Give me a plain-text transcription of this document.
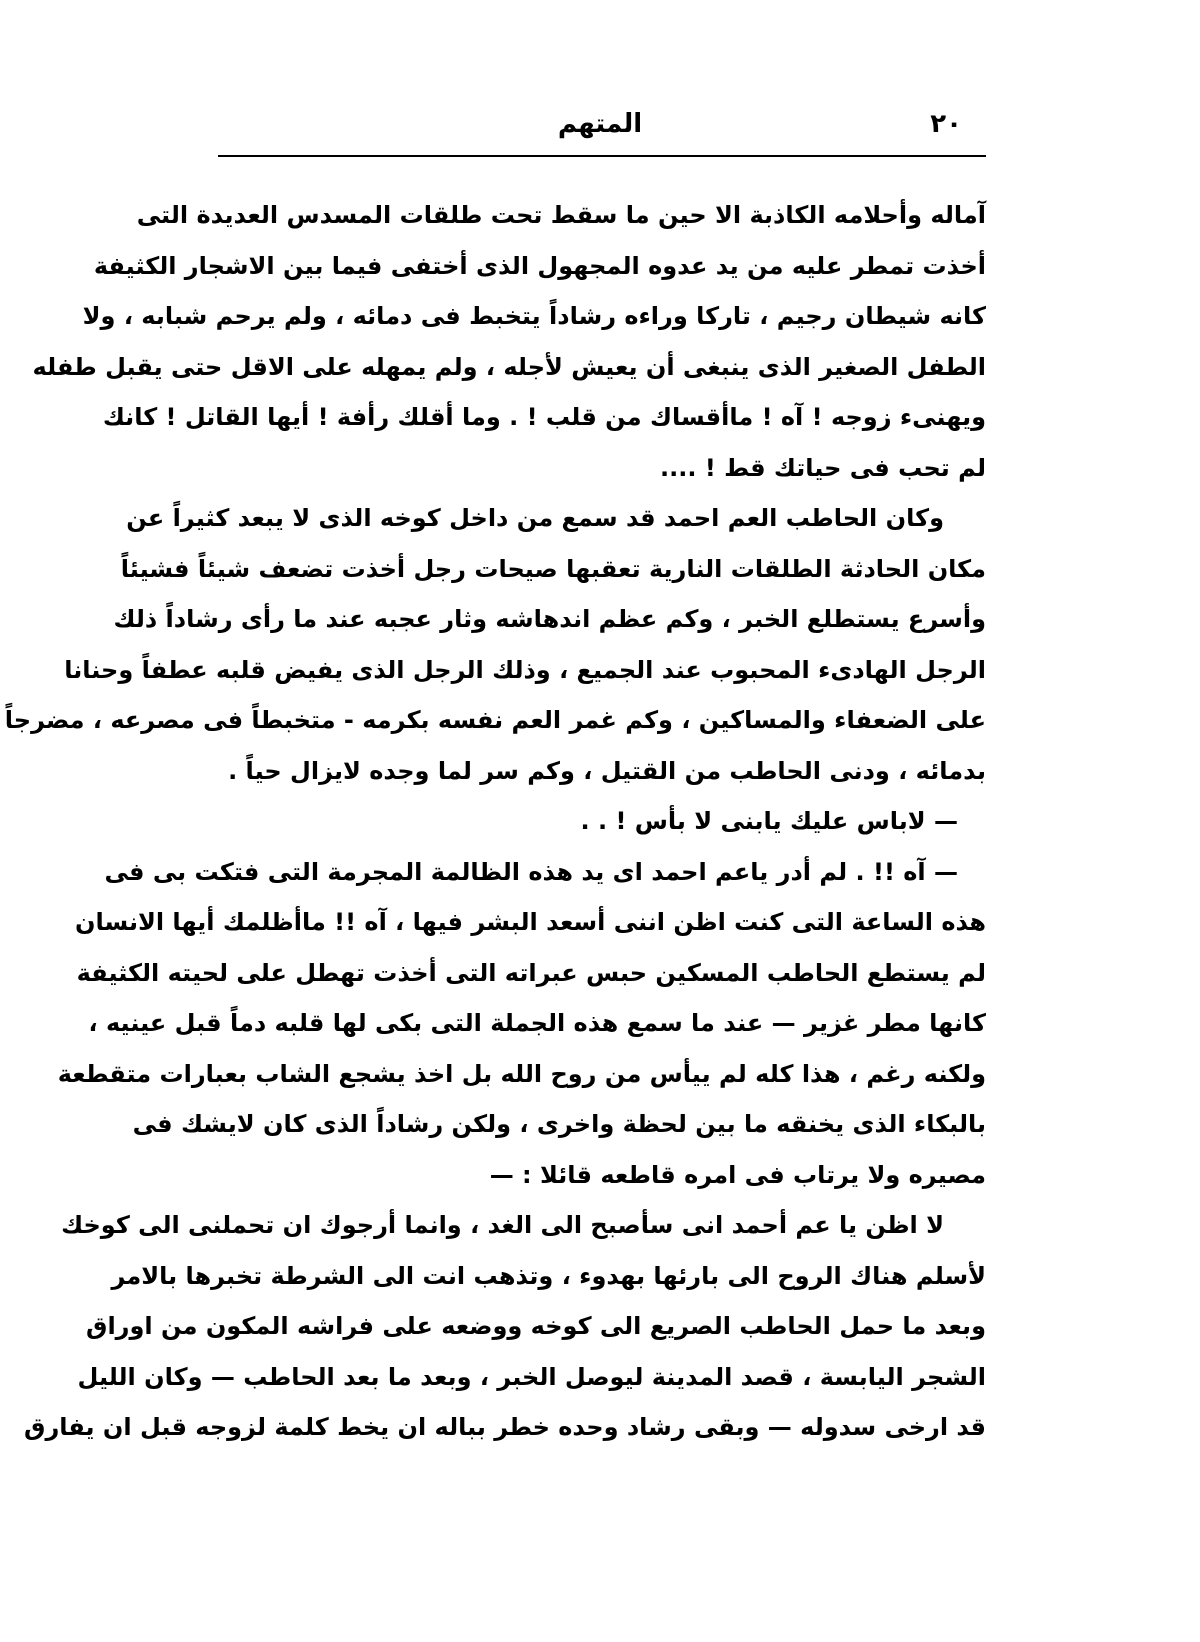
٢٠
المتهم
آماله وأحلامه الكاذبة الا حين ما سقط تحت طلقات المسدس العديدة التى
أخذت تمطر عليه من يد عدوه المجهول الذى أختفى فيما بين الاشجار الكثيفة
كانه شيطان رجيم ، تاركا وراءه رشاداً يتخبط فى دمائه ، ولم يرحم شبابه ، ولا
الطفل الصغير الذى ينبغى أن يعيش لأجله ، ولم يمهله على الاقل حتى يقبل طفله
ويهنىء زوجه ! آه ! ماأقساك من قلب ! . وما أقلك رأفة ! أيها القاتل ! كانك
لم تحب فى حياتك قط ! ....
وكان الحاطب العم احمد قد سمع من داخل كوخه الذى لا يبعد كثيراً عن
مكان الحادثة الطلقات النارية تعقبها صيحات رجل أخذت تضعف شيئاً فشيئاً
وأسرع يستطلع الخبر ، وكم عظم اندهاشه وثار عجبه عند ما رأى رشاداً ذلك
الرجل الهادىء المحبوب عند الجميع ، وذلك الرجل الذى يفيض قلبه عطفاً وحنانا
على الضعفاء والمساكين ، وكم غمر العم نفسه بكرمه - متخبطاً فى مصرعه ، مضرجاً
بدمائه ، ودنى الحاطب من القتيل ، وكم سر لما وجده لايزال حياً .
— لاباس عليك يابنى لا بأس ! . .
— آه !! . لم أدر ياعم احمد اى يد هذه الظالمة المجرمة التى فتكت بى فى
هذه الساعة التى كنت اظن اننى أسعد البشر فيها ، آه !! ماأظلمك أيها الانسان
لم يستطع الحاطب المسكين حبس عبراته التى أخذت تهطل على لحيته الكثيفة
كانها مطر غزير — عند ما سمع هذه الجملة التى بكى لها قلبه دماً قبل عينيه ،
ولكنه رغم ، هذا كله لم ييأس من روح الله بل اخذ يشجع الشاب بعبارات متقطعة
بالبكاء الذى يخنقه ما بين لحظة واخرى ، ولكن رشاداً الذى كان لايشك فى
مصيره ولا يرتاب فى امره قاطعه قائلا : —
لا اظن يا عم أحمد انى سأصبح الى الغد ، وانما أرجوك ان تحملنى الى كوخك
لأسلم هناك الروح الى بارئها بهدوء ، وتذهب انت الى الشرطة تخبرها بالامر
وبعد ما حمل الحاطب الصريع الى كوخه ووضعه على فراشه المكون من اوراق
الشجر اليابسة ، قصد المدينة ليوصل الخبر ، وبعد ما بعد الحاطب — وكان الليل
قد ارخى سدوله — وبقى رشاد وحده خطر بباله ان يخط كلمة لزوجه قبل ان يفارق
